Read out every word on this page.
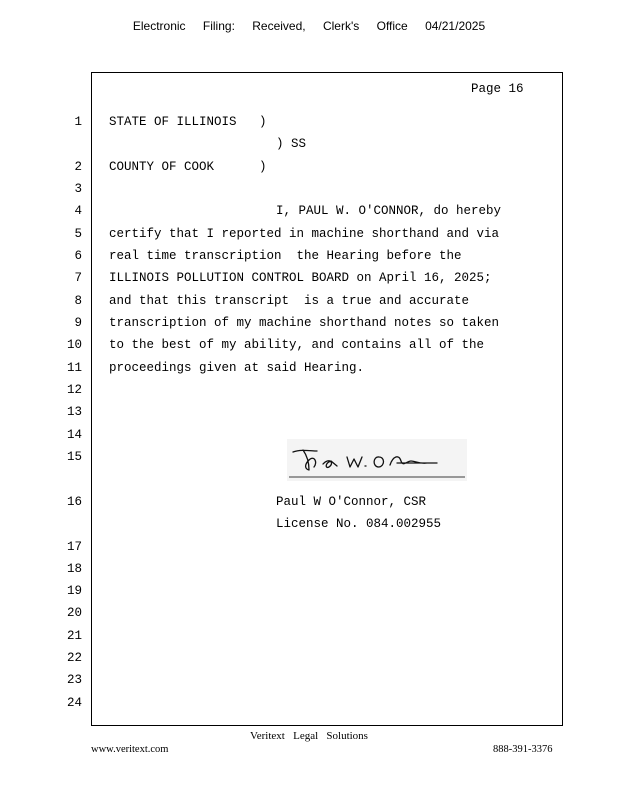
Electronic Filing: Received, Clerk's Office 04/21/2025
Page 16
1 STATE OF ILLINOIS   )
) SS
2 COUNTY OF COOK      )
3
4	I, PAUL W. O'CONNOR, do hereby
5 certify that I reported in machine shorthand and via
6 real time transcription  the Hearing before the
7 ILLINOIS POLLUTION CONTROL BOARD on April 16, 2025;
8 and that this transcript  is a true and accurate
9 transcription of my machine shorthand notes so taken
10 to the best of my ability, and contains all of the
11 proceedings given at said Hearing.
12
13
14
15
16	Paul W O'Connor, CSR
License No. 084.002955
17
18
19
20
21
22
23
24
Veritext   Legal   Solutions
www.veritext.com	888-391-3376
